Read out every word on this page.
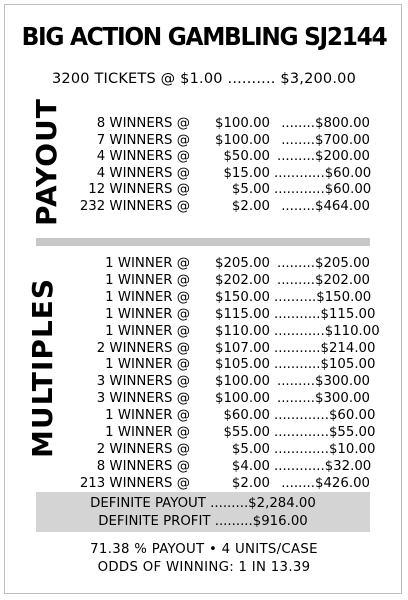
BIG ACTION GAMBLING SJ2144
3200 TICKETS @ $1.00 .......... $3,200.00
PAYOUT	8 WINNERS @	$100.00 ........$800.00
7 WINNERS @	$100.00 ........$700.00
4 WINNERS @	$50.00 .........$200.00
4 WINNERS @	$15.00 ............$60.00
12 WINNERS @	$5.00 ............$60.00
232 WINNERS @	$2.00 ........$464.00
MULTIPLES
1 WINNER @	$205.00 .........$205.00
1 WINNER @	$202.00 .........$202.00
1 WINNER @	$150.00 ..........$150.00
1 WINNER @	$115.00 ...........$115.00
1 WINNER @	$110.00 ............$110.00
2 WINNERS @	$107.00 ...........$214.00
1 WINNER @	$105.00 ...........$105.00
3 WINNERS @	$100.00 .........$300.00
3 WINNERS @	$100.00 .........$300.00
1 WINNER @	$60.00 .............$60.00
1 WINNER @	$55.00 .............$55.00
2 WINNERS @	$5.00 .............$10.00
8 WINNERS @	$4.00 ............$32.00
213 WINNERS @	$2.00 ........$426.00
DEFINITE PAYOUT .........$2,284.00
DEFINITE PROFIT .........$916.00
71.38 % PAYOUT • 4 UNITS/CASE
ODDS OF WINNING: 1 IN 13.39
